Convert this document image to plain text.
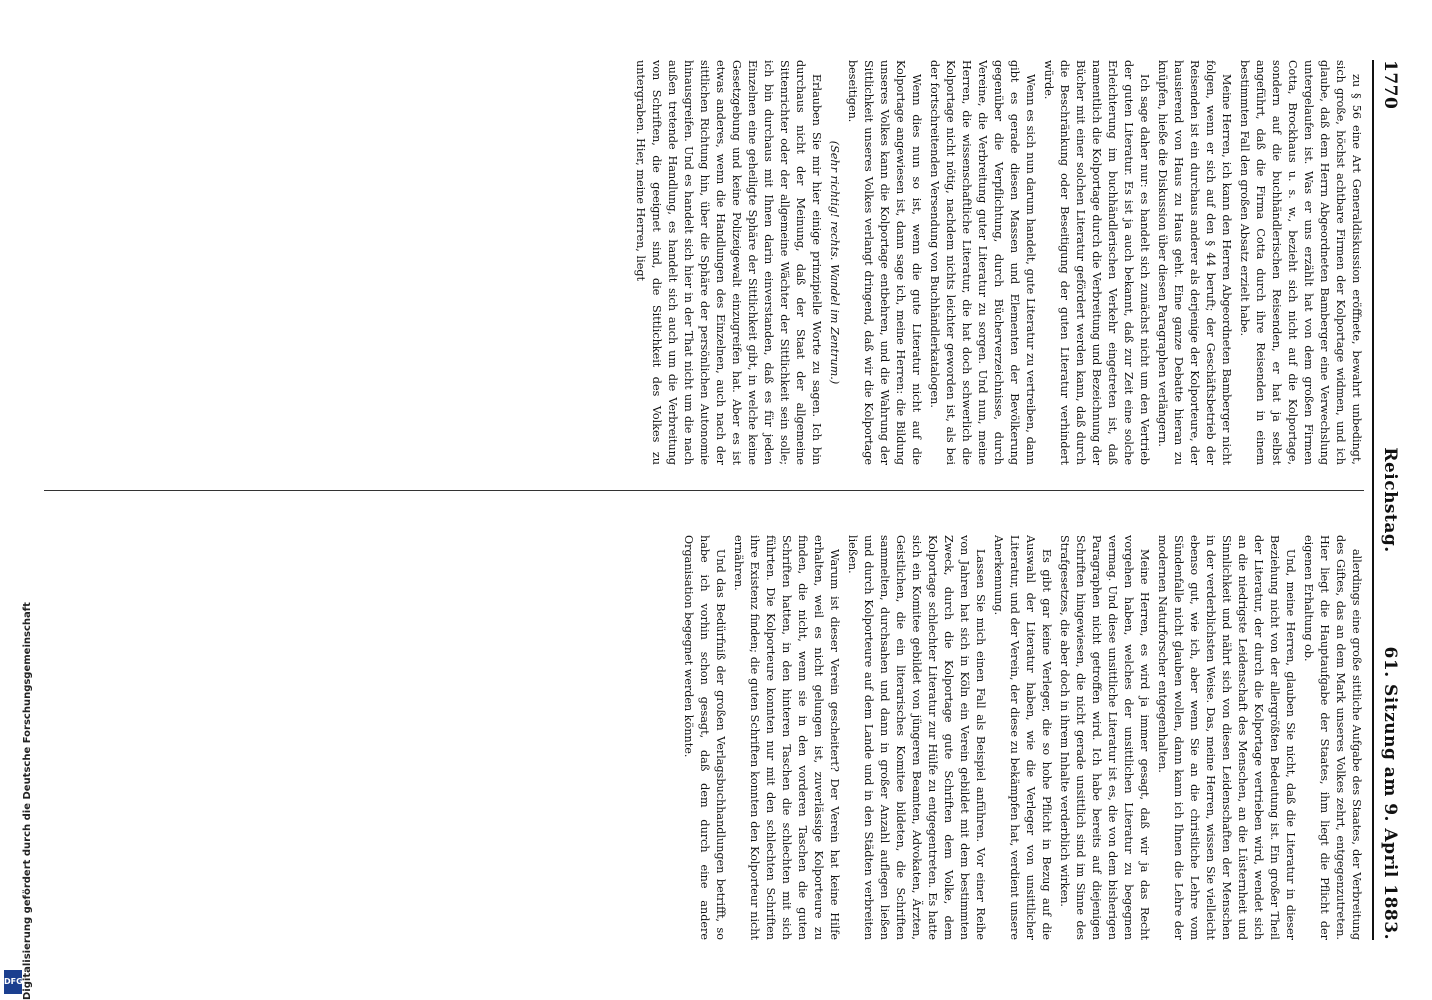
1770
Reichstag.
61. Sitzung am 9. April 1883.

zu § 56 eine Art Generaldiskussion eröffnete, bewahrt unbedingt, sich große, höchst achtbare Firmen der Kolportage widmen, und ich glaube, daß dem Herrn Abgeordneten Bamberger eine Verwechslung untergelaufen ist. Was er uns erzählt hat von dem großen Firmen Cotta, Brockhaus u. s. w., bezieht sich nicht auf die Kolportage, sondern auf die buchhändlerischen Reisenden, er hat ja selbst angeführt, daß die Firma Cotta durch ihre Reisenden in einem bestimmten Fall den großen Absatz erzielt habe.

Meine Herren, ich kann den Herren Abgeordneten Bamberger nicht folgen, wenn er sich auf den § 44 beruft; der Geschäftsbetrieb der Reisenden ist ein durchaus anderer als derjenige der Kolporteure, der hausierend von Haus zu Haus geht. Eine ganze Debatte hieran zu knüpfen, hieße die Diskussion über diesen Paragraphen verlängern.

Ich sage daher nur: es handelt sich zunächst nicht um den Vertrieb der guten Literatur. Es ist ja auch bekannt, daß zur Zeit eine solche Erleichterung im buchhändlerischen Verkehr eingetreten ist, daß namentlich die Kolportage durch die Verbreitung und Bezeichnung der Bücher mit einer solchen Literatur gefördert werden kann, daß durch die Beschränkung oder Beseitigung der guten Literatur verhindert würde.

Wenn es sich nun darum handelt, gute Literatur zu vertreiben, dann gibt es gerade diesen Massen und Elementen der Bevölkerung gegenüber die Verpflichtung, durch Bücherverzeichnisse, durch Vereine, die Verbreitung guter Literatur zu sorgen. Und nun, meine Herren, die wissenschaftliche Literatur, die hat doch schwerlich die Kolportage nicht nötig, nachdem nichts leichter geworden ist, als bei der fortschreitenden Versendung von Buchhändlerkatalogen.

Wenn dies nun so ist, wenn die gute Literatur nicht auf die Kolportage angewiesen ist, dann sage ich, meine Herren: die Bildung unseres Volkes kann die Kolportage entbehren, und die Wahrung der Sittlichkeit unseres Volkes verlangt dringend, daß wir die Kolportage beseitigen.

(Sehr richtig! rechts. Wandel im Zentrum.)

Erlauben Sie mir hier einige prinzipielle Worte zu sagen. Ich bin durchaus nicht der Meinung, daß der Staat der allgemeine Sittenrichter oder der allgemeine Wächter der Sittlichkeit sein solle; ich bin durchaus mit Ihnen darin einverstanden, daß es für jeden Einzelnen eine geheiligte Sphäre der Sittlichkeit gibt, in welche keine Gesetzgebung und keine Polizeigewalt einzugreifen hat. Aber es ist etwas anderes, wenn die Handlungen des Einzelnen, auch nach der sittlichen Richtung hin, über die Sphäre der persönlichen Autonomie hinausgreifen. Und es handelt sich hier in der That nicht um die nach außen tretende Handlung, es handelt sich auch um die Verbreitung von Schriften, die geeignet sind, die Sittlichkeit des Volkes zu untergraben. Hier, meine Herren, liegt

allerdings eine große sittliche Aufgabe des Staates, der Verbreitung des Giftes, das an dem Mark unseres Volkes zehrt, entgegenzutreten. Hier liegt die Hauptaufgabe der Staates, ihm liegt die Pflicht der eigenen Erhaltung ob.

Und, meine Herren, glauben Sie nicht, daß die Literatur in dieser Beziehung nicht von der allergrößten Bedeutung ist. Ein großer Theil der Literatur, der durch die Kolportage vertrieben wird, wendet sich an die niedrigste Leidenschaft des Menschen, an die Lüsternheit und Sinnlichkeit und nährt sich von diesen Leidenschaften der Menschen in der verderblichsten Weise. Das, meine Herren, wissen Sie vielleicht ebenso gut, wie ich, aber wenn Sie an die christliche Lehre vom Sündenfalle nicht glauben wollen, dann kann ich Ihnen die Lehre der modernen Naturforscher entgegenhalten.

Meine Herren, es wird ja immer gesagt, daß wir ja das Recht vorgehen haben, welches der unsittlichen Literatur zu begegnen vermag. Und diese unsittliche Literatur ist es, die von dem bisherigen Paragraphen nicht getroffen wird. Ich habe bereits auf diejenigen Schriften hingewiesen, die nicht gerade unsittlich sind im Sinne des Strafgesetzes, die aber doch in ihrem Inhalte verderblich wirken.

Es gibt gar keine Verleger, die so hohe Pflicht in Bezug auf die Auswahl der Literatur haben, wie die Verleger von unsittlicher Literatur, und der Verein, der diese zu bekämpfen hat, verdient unsere Anerkennung.

Lassen Sie mich einen Fall als Beispiel anführen. Vor einer Reihe von Jahren hat sich in Köln ein Verein gebildet mit dem bestimmten Zweck, durch die Kolportage gute Schriften dem Volke, dem Kolportage schlechter Literatur zur Hülfe zu entgegentreten. Es hatte sich ein Komitee gebildet von jüngeren Beamten, Advokaten, Ärzten, Geistlichen, die ein literarisches Komitee bildeten, die Schriften sammelten, durchsahen und dann in großer Anzahl auflegen ließen und durch Kolporteure auf dem Lande und in den Städten verbreiten ließen.

Warum ist dieser Verein gescheitert? Der Verein hat keine Hilfe erhalten, weil es nicht gelungen ist, zuverlässige Kolporteure zu finden, die nicht, wenn sie in den vorderen Taschen die guten Schriften hatten, in den hinteren Taschen die schlechten mit sich führten. Die Kolporteure konnten nur mit den schlechten Schriften ihre Existenz finden; die guten Schriften konnten den Kolporteur nicht ernähren.

Und das Bedürfniß der großen Verlagsbuchhandlungen betrifft, so habe ich vorhin schon gesagt, daß dem durch eine andere Organisation begegnet werden könnte.

Digitalisierung gefördert durch die Deutsche Forschungsgemeinschaft
DFG
